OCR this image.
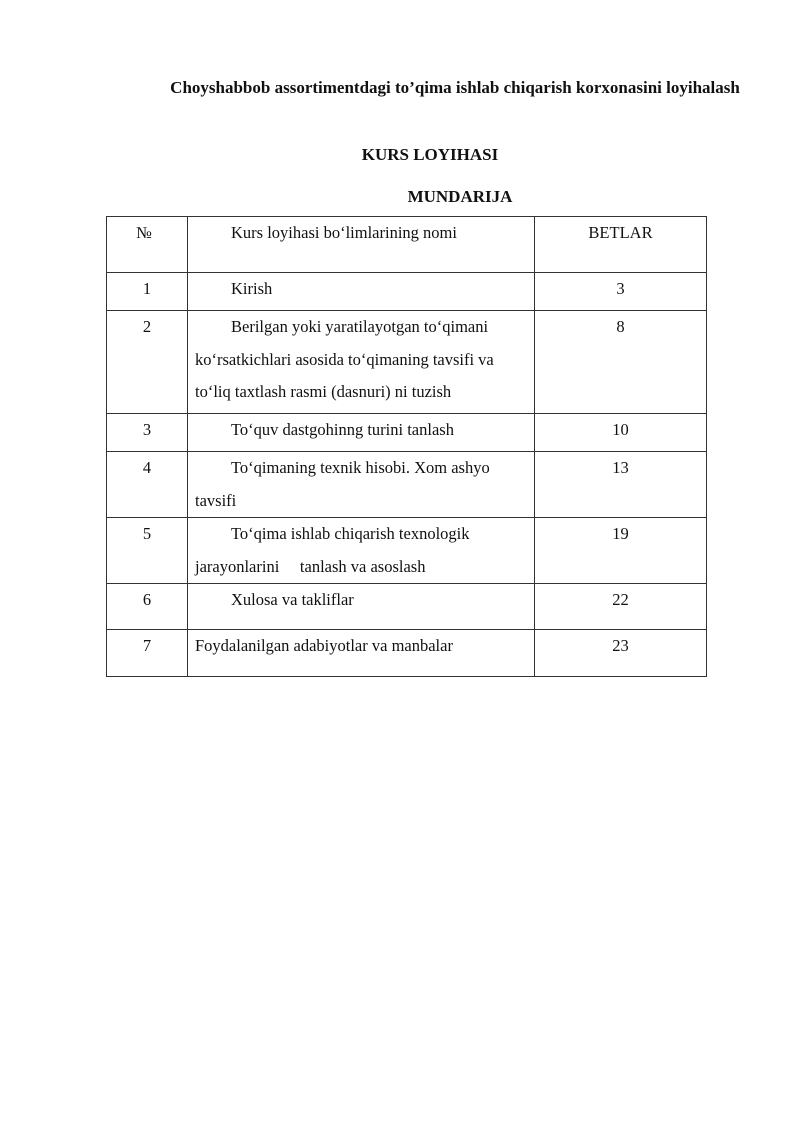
Choyshabbob assortimentdagi to’qima ishlab chiqarish korxonasini loyihalash
KURS LOYIHASI
MUNDARIJA
№	Kurs loyihasi bo‘limlarining nomi	BETLAR
1	Kirish	3
2	Berilgan yoki yaratilayotgan to‘qimani ko‘rsatkichlari asosida to‘qimaning tavsifi va to‘liq taxtlash rasmi (dasnuri) ni tuzish	8
3	To‘quv dastgohinng turini tanlash	10
4	To‘qimaning texnik hisobi. Xom ashyo tavsifi	13
5	To‘qima ishlab chiqarish texnologik jarayonlarini     tanlash va asoslash	19
6	Xulosa va takliflar	22
7	Foydalanilgan adabiyotlar va manbalar	23
